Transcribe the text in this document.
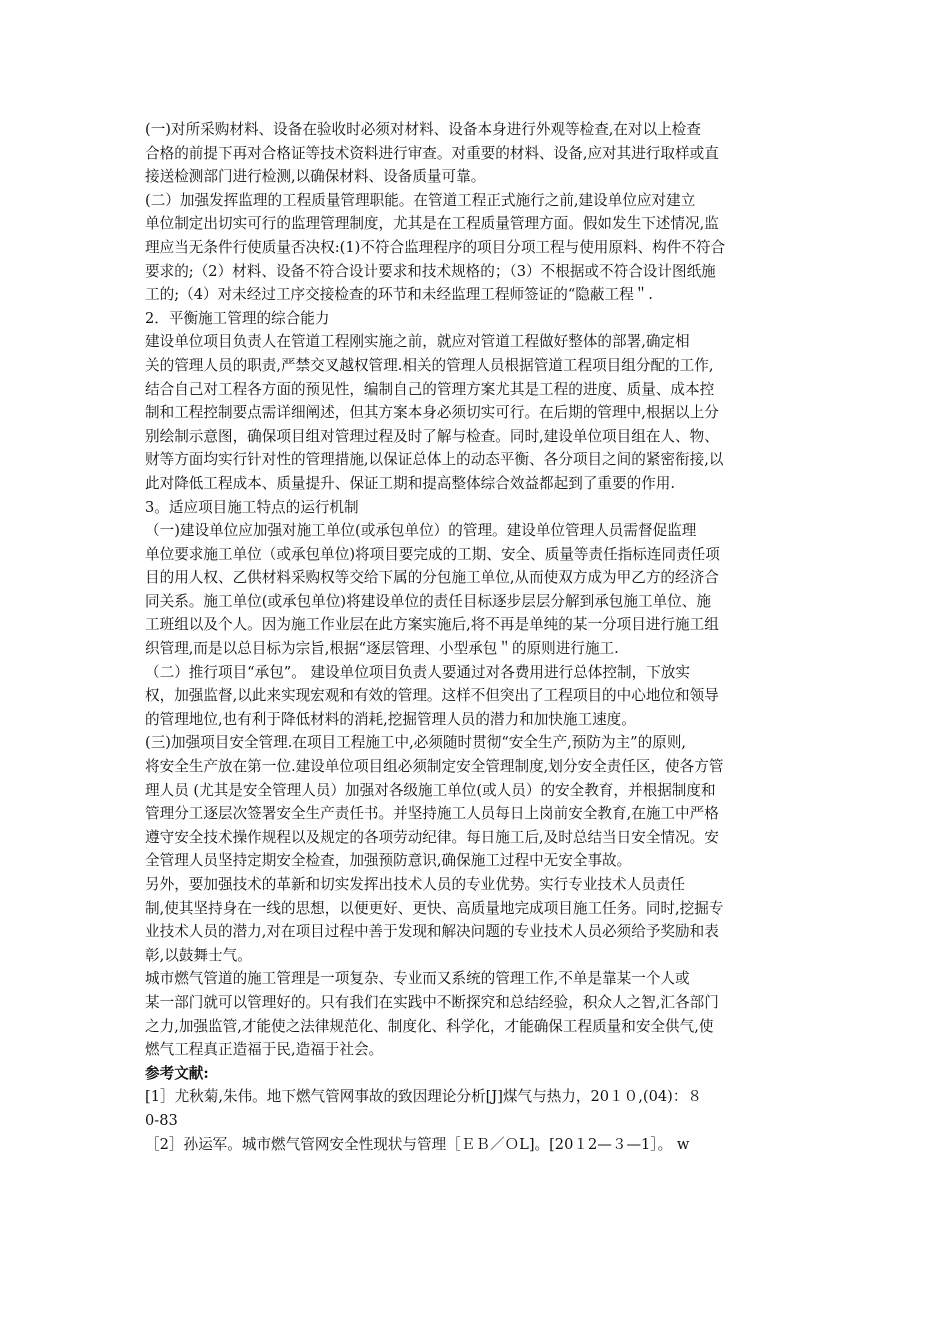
(一)对所采购材料、设备在验收时必须对材料、设备本身进行外观等检查,在对以上检查
合格的前提下再对合格证等技术资料进行审查。对重要的材料、设备,应对其进行取样或直
接送检测部门进行检测,以确保材料、设备质量可靠。
(二）加强发挥监理的工程质量管理职能。在管道工程正式施行之前,建设单位应对建立
单位制定出切实可行的监理管理制度，尤其是在工程质量管理方面。假如发生下述情况,监
理应当无条件行使质量否决权:(1)不符合监理程序的项目分项工程与使用原料、构件不符合
要求的;（2）材料、设备不符合设计要求和技术规格的；（3）不根据或不符合设计图纸施
工的;（4）对未经过工序交接检查的环节和未经监理工程师签证的“隐蔽工程＂.
2．平衡施工管理的综合能力
建设单位项目负责人在管道工程刚实施之前，就应对管道工程做好整体的部署,确定相
关的管理人员的职责,严禁交叉越权管理.相关的管理人员根据管道工程项目组分配的工作,
结合自己对工程各方面的预见性，编制自己的管理方案尤其是工程的进度、质量、成本控
制和工程控制要点需详细阐述，但其方案本身必须切实可行。在后期的管理中,根据以上分
别绘制示意图，确保项目组对管理过程及时了解与检查。同时,建设单位项目组在人、物、
财等方面均实行针对性的管理措施,以保证总体上的动态平衡、各分项目之间的紧密衔接,以
此对降低工程成本、质量提升、保证工期和提高整体综合效益都起到了重要的作用.
3。适应项目施工特点的运行机制
（一)建设单位应加强对施工单位(或承包单位）的管理。建设单位管理人员需督促监理
单位要求施工单位（或承包单位)将项目要完成的工期、安全、质量等责任指标连同责任项
目的用人权、乙供材料采购权等交给下属的分包施工单位,从而使双方成为甲乙方的经济合
同关系。施工单位(或承包单位)将建设单位的责任目标逐步层层分解到承包施工单位、施
工班组以及个人。因为施工作业层在此方案实施后,将不再是单纯的某一分项目进行施工组
织管理,而是以总目标为宗旨,根据“逐层管理、小型承包＂的原则进行施工.
（二）推行项目“承包”。 建设单位项目负责人要通过对各费用进行总体控制，下放实
权，加强监督,以此来实现宏观和有效的管理。这样不但突出了工程项目的中心地位和领导
的管理地位,也有利于降低材料的消耗,挖掘管理人员的潜力和加快施工速度。
(三)加强项目安全管理.在项目工程施工中,必须随时贯彻“安全生产,预防为主”的原则,
将安全生产放在第一位.建设单位项目组必须制定安全管理制度,划分安全责任区，使各方管
理人员 (尤其是安全管理人员）加强对各级施工单位(或人员）的安全教育，并根据制度和
管理分工逐层次签署安全生产责任书。并坚持施工人员每日上岗前安全教育,在施工中严格
遵守安全技术操作规程以及规定的各项劳动纪律。每日施工后,及时总结当日安全情况。安
全管理人员坚持定期安全检查，加强预防意识,确保施工过程中无安全事故。
另外，要加强技术的革新和切实发挥出技术人员的专业优势。实行专业技术人员责任
制,使其坚持身在一线的思想，以便更好、更快、高质量地完成项目施工任务。同时,挖掘专
业技术人员的潜力,对在项目过程中善于发现和解决问题的专业技术人员必须给予奖励和表
彰,以鼓舞士气。
城市燃气管道的施工管理是一项复杂、专业而又系统的管理工作,不单是靠某一个人或
某一部门就可以管理好的。只有我们在实践中不断探究和总结经验，积众人之智,汇各部门
之力,加强监管,才能使之法律规范化、制度化、科学化，才能确保工程质量和安全供气,使
燃气工程真正造福于民,造福于社会。
参考文献:
[1］尤秋菊,朱伟。地下燃气管网事故的致因理论分析[J]煤气与热力，20１０,(04)：８
0-83
［2］孙运军。城市燃气管网安全性现状与管理［ＥＢ／ＯL]。[20１2—３—1］。 w
